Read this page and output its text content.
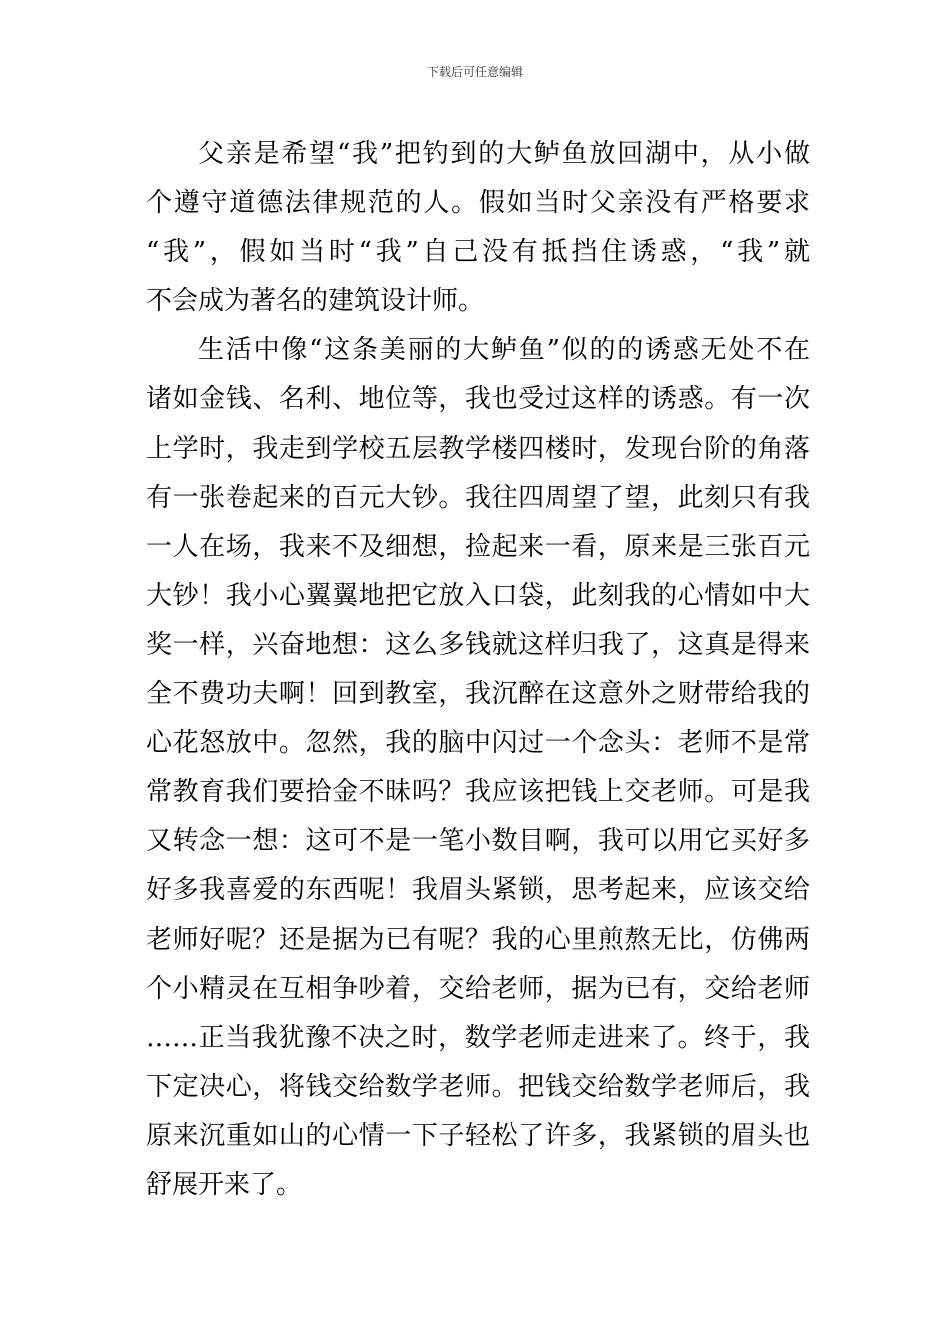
下载后可任意编辑
父亲是希望“我”把钓到的大鲈鱼放回湖中，从小做
个遵守道德法律规范的人。假如当时父亲没有严格要求
“我”，假如当时“我”自己没有抵挡住诱惑，“我”就
不会成为著名的建筑设计师。
生活中像“这条美丽的大鲈鱼”似的的诱惑无处不在
诸如金钱、名利、地位等，我也受过这样的诱惑。有一次
上学时，我走到学校五层教学楼四楼时，发现台阶的角落
有一张卷起来的百元大钞。我往四周望了望，此刻只有我
一人在场，我来不及细想，捡起来一看，原来是三张百元
大钞！我小心翼翼地把它放入口袋，此刻我的心情如中大
奖一样，兴奋地想：这么多钱就这样归我了，这真是得来
全不费功夫啊！回到教室，我沉醉在这意外之财带给我的
心花怒放中。忽然，我的脑中闪过一个念头：老师不是常
常教育我们要拾金不昧吗？我应该把钱上交老师。可是我
又转念一想：这可不是一笔小数目啊，我可以用它买好多
好多我喜爱的东西呢！我眉头紧锁，思考起来，应该交给
老师好呢？还是据为已有呢？我的心里煎熬无比，仿佛两
个小精灵在互相争吵着，交给老师，据为已有，交给老师
……正当我犹豫不决之时，数学老师走进来了。终于，我
下定决心，将钱交给数学老师。把钱交给数学老师后，我
原来沉重如山的心情一下子轻松了许多，我紧锁的眉头也
舒展开来了。
